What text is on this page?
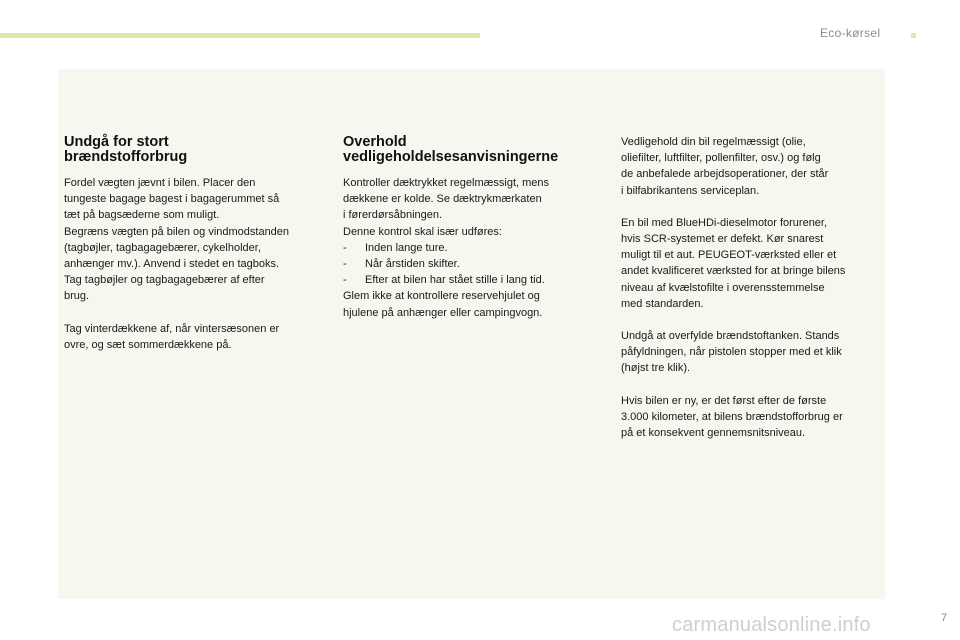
Eco-kørsel
Undgå for stort
brændstofforbrug

Fordel vægten jævnt i bilen. Placer den
tungeste bagage bagest i bagagerummet så
tæt på bagsæderne som muligt.
Begræns vægten på bilen og vindmodstanden
(tagbøjler, tagbagagebærer, cykelholder,
anhænger mv.). Anvend i stedet en tagboks.
Tag tagbøjler og tagbagagebærer af efter
brug.

Tag vinterdækkene af, når vintersæsonen er
ovre, og sæt sommerdækkene på.

Overhold
vedligeholdelsesanvisningerne

Kontroller dæktrykket regelmæssigt, mens
dækkene er kolde. Se dæktrykmærkaten
i førerdørsåbningen.
Denne kontrol skal især udføres:

- Inden lange ture.
- Når årstiden skifter.
- Efter at bilen har stået stille i lang tid.

Glem ikke at kontrollere reservehjulet og
hjulene på anhænger eller campingvogn.

Vedligehold din bil regelmæssigt (olie,
oliefilter, luftfilter, pollenfilter, osv.) og følg
de anbefalede arbejdsoperationer, der står
i bilfabrikantens serviceplan.

En bil med BlueHDi-dieselmotor forurener,
hvis SCR-systemet er defekt. Kør snarest
muligt til et aut. PEUGEOT-værksted eller et
andet kvalificeret værksted for at bringe bilens
niveau af kvælstofilte i overensstemmelse
med standarden.

Undgå at overfylde brændstoftanken. Stands
påfyldningen, når pistolen stopper med et klik
(højst tre klik).

Hvis bilen er ny, er det først efter de første
3.000 kilometer, at bilens brændstofforbrug er
på et konsekvent gennemsnitsniveau.

carmanualsonline.info	7
